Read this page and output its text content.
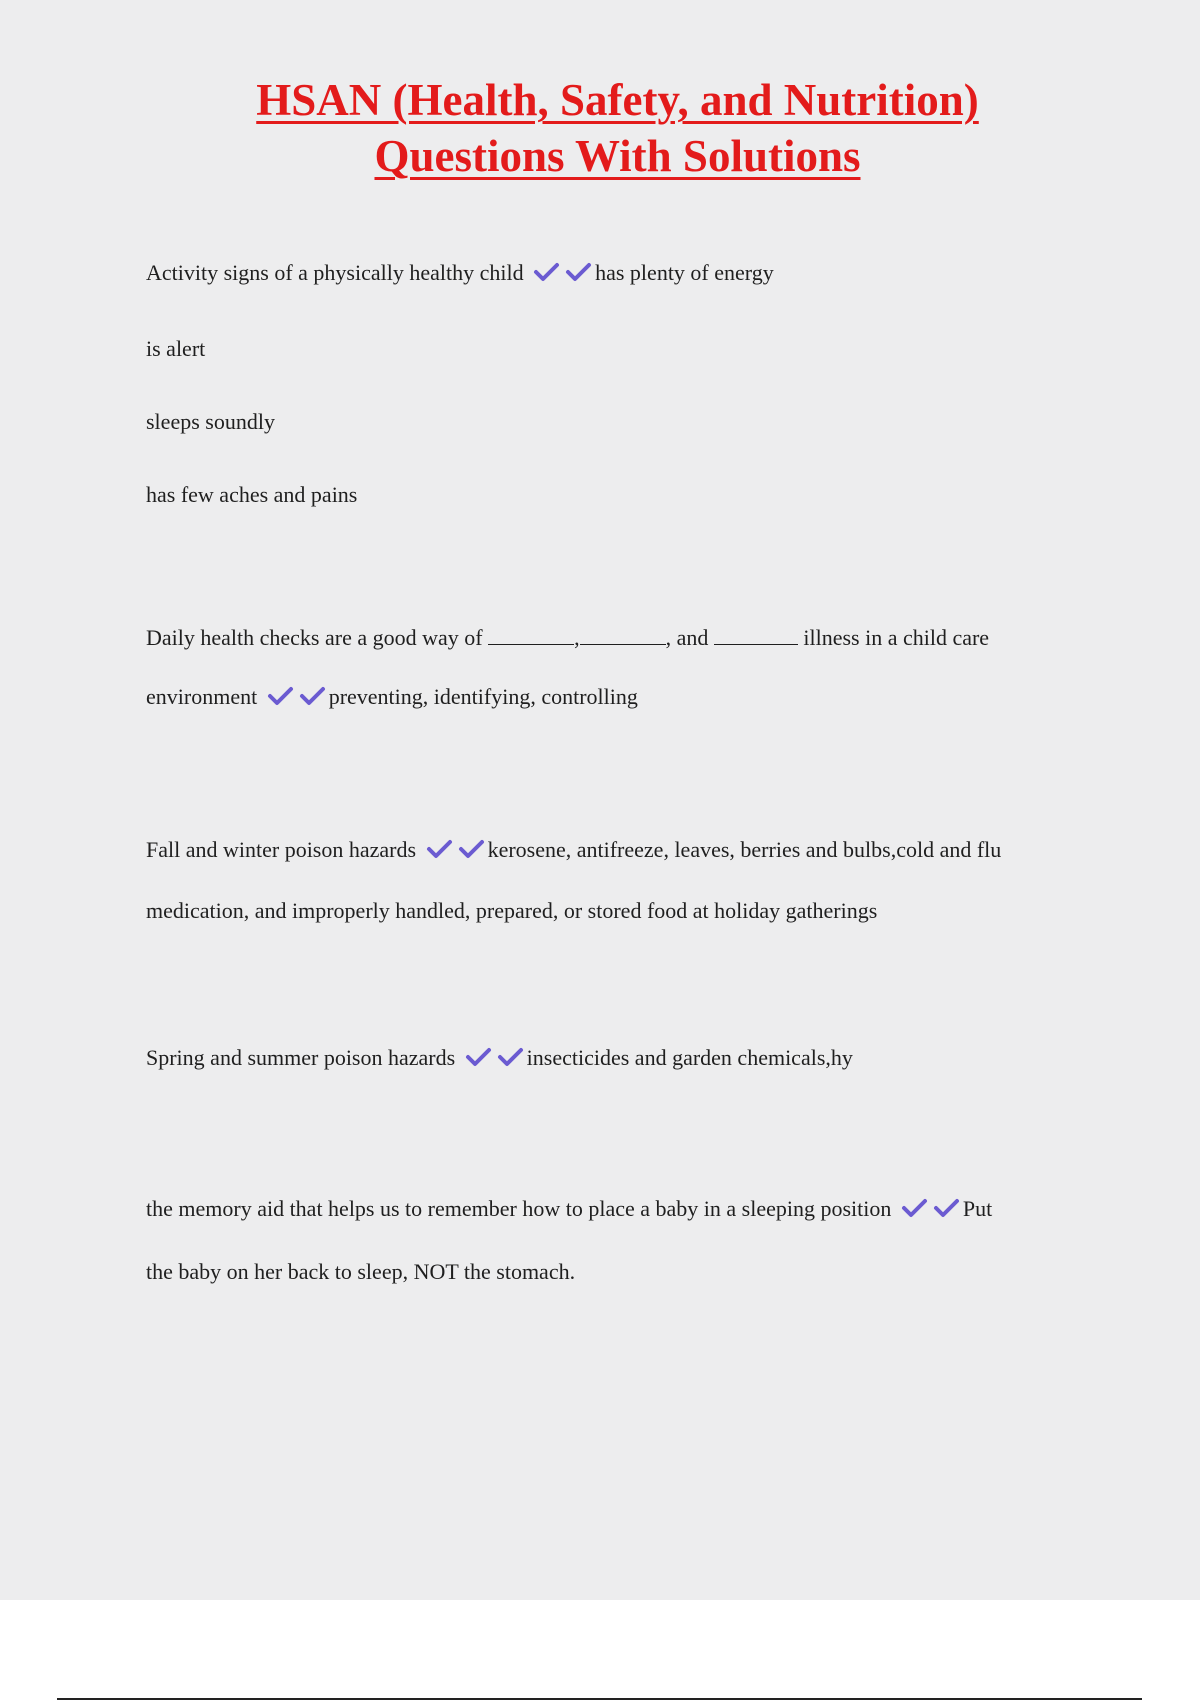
HSAN (Health, Safety, and Nutrition)
Questions With Solutions
Activity signs of a physically healthy child	has plenty of energy
is alert
sleeps soundly
has few aches and pains
Daily health checks are a good way of	,	, and	illness in a child care
environment	preventing, identifying, controlling
Fall and winter poison hazards	kerosene, antifreeze, leaves, berries and bulbs,cold and flu
medication, and improperly handled, prepared, or stored food at holiday gatherings
Spring and summer poison hazards	insecticides and garden chemicals,hy
the memory aid that helps us to remember how to place a baby in a sleeping position	Put
the baby on her back to sleep, NOT the stomach.
